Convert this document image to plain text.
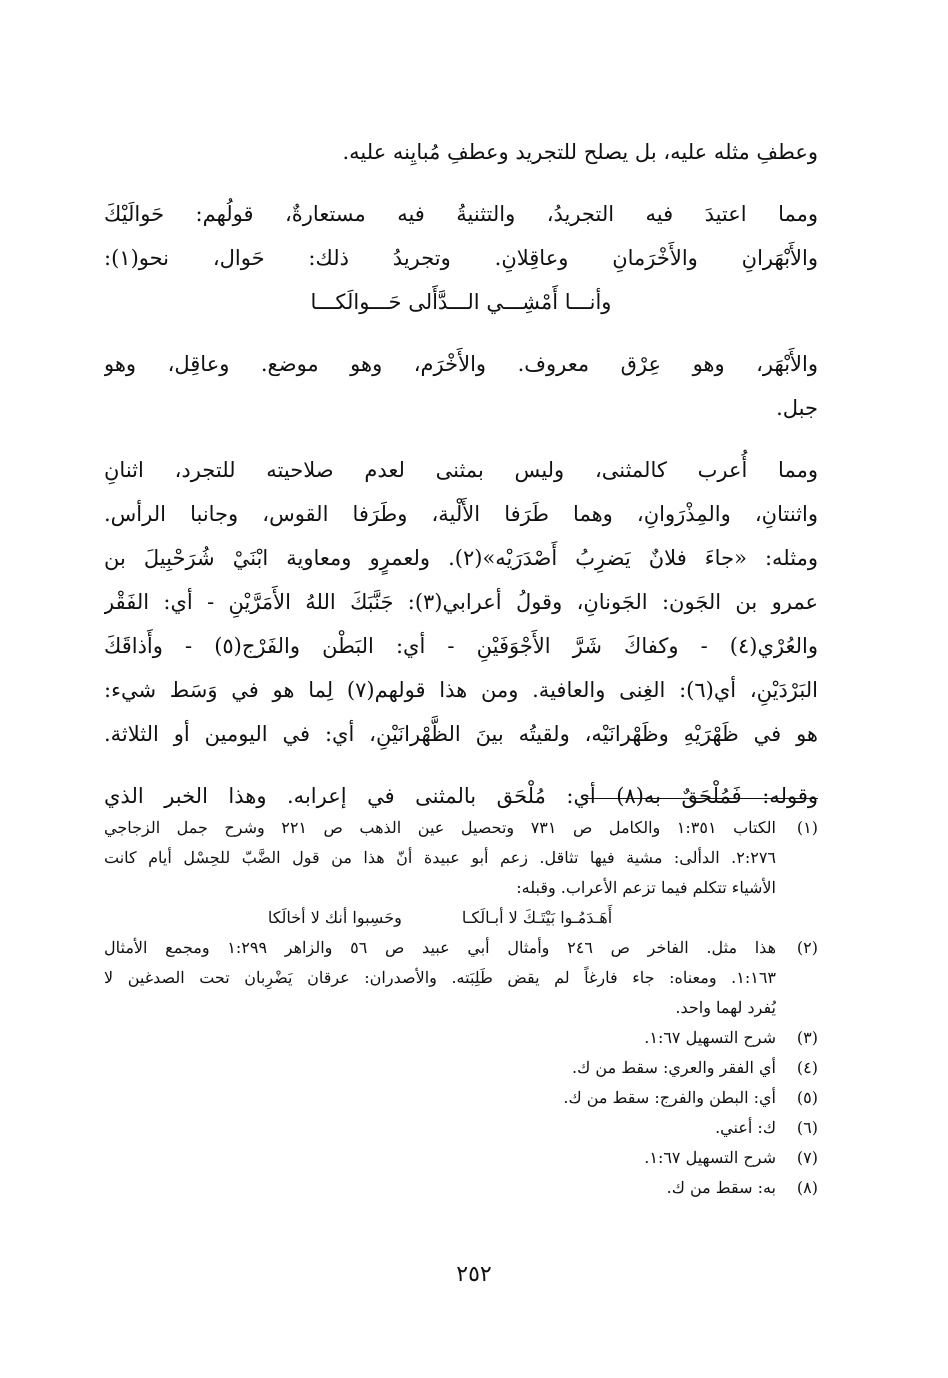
وعطفِ مثله عليه، بل يصلح للتجريد وعطفِ مُبايِنه عليه.
ومما اعتيدَ فيه التجريدُ، والتثنيةُ فيه مستعارةٌ، قولُهم: حَوالَيْكَ
والأَبْهَرانِ والأَخْرَمانِ وعاقِلانِ. وتجريدُ ذلك: حَوال، نحو(١):
وأنـــا أَمْشِـــي الـــدَّأَلى حَـــوالَكـــا
والأَبْهَر، وهو عِرْق معروف. والأَخْرَم، وهو موضع. وعاقِل، وهو
جبل.
ومما أُعرب كالمثنى، وليس بمثنى لعدم صلاحيته للتجرد، اثنانِ
واثنتانِ، والمِذْرَوانِ، وهما طَرَفا الأَلْية، وطَرَفا القوس، وجانبا الرأس.
ومثله: «جاءَ فلانٌ يَضرِبُ أَصْدَرَيْه»(٢). ولعمرٍو ومعاوية ابْنَيْ شُرَحْبِيلَ بن
عمرو بن الجَون: الجَونانِ، وقولُ أعرابي(٣): جَنَّبَكَ اللهُ الأَمَرَّيْنِ - أي: الفَقْر
والعُرْي(٤) - وكفاكَ شَرَّ الأَجْوَفَيْنِ - أي: البَطْن والفَرْج(٥) - وأَذاقَكَ
البَرْدَيْنِ، أي(٦): الغِنى والعافية. ومن هذا قولهم(٧) لِما هو في وَسَط شيء:
هو في ظَهْرَيْهِ وظَهْرانَيْه، ولقيتُه بينَ الظَّهْرانَيْنِ، أي: في اليومين أو الثلاثة.
وقوله: فَمُلْحَقٌ به(٨) أي: مُلْحَق بالمثنى في إعرابه. وهذا الخبر الذي
(١)
الكتاب ١:٣٥١ والكامل ص ٧٣١ وتحصيل عين الذهب ص ٢٢١ وشرح جمل الزجاجي
٢:٢٧٦. الدألى: مشية فيها تثاقل. زعم أبو عبيدة أنّ هذا من قول الضَّبّ للحِسْل أيام كانت
الأشياء تتكلم فيما تزعم الأعراب. وقبله:
أَهَـدَمُـوا بَيْتَـكَ لا أبـالَكـا
وحَسِبوا أنك لا أخالَكا
(٢)
هذا مثل. الفاخر ص ٢٤٦ وأمثال أبي عبيد ص ٥٦ والزاهر ١:٢٩٩ ومجمع الأمثال
١:١٦٣. ومعناه: جاء فارغاً لم يقض طَلِبَته. والأصدران: عرقان يَضْرِبان تحت الصدغين لا
يُفرد لهما واحد.
(٣)
شرح التسهيل ١:٦٧.
(٤)
أي الفقر والعري: سقط من ك.
(٥)
أي: البطن والفرج: سقط من ك.
(٦)
ك: أعني.
(٧)
شرح التسهيل ١:٦٧.
(٨)
به: سقط من ك.
٢٥٢
